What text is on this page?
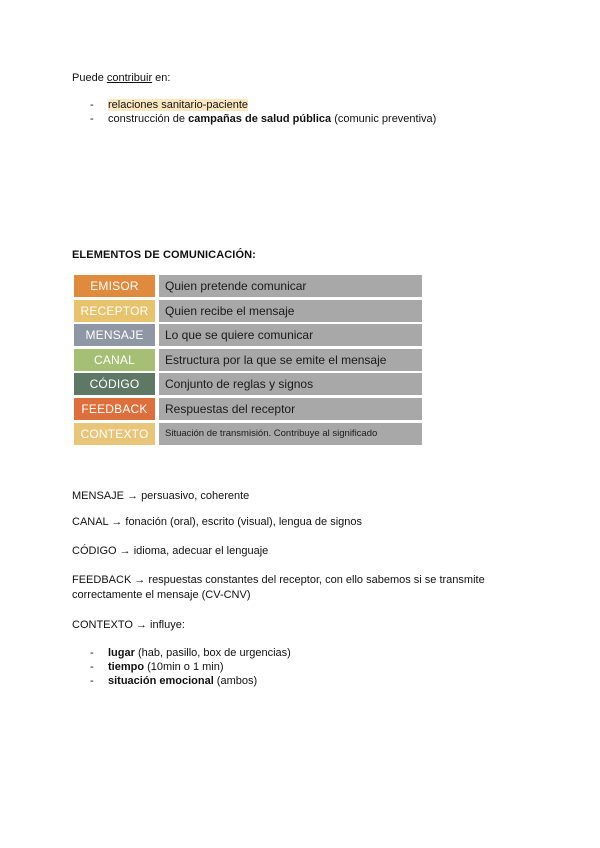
Puede contribuir en:
- relaciones sanitario-paciente
- construcción de campañas de salud pública (comunic preventiva)
ELEMENTOS DE COMUNICACIÓN:
EMISOR	Quien pretende comunicar
RECEPTOR	Quien recibe el mensaje
MENSAJE	Lo que se quiere comunicar
CANAL	Estructura por la que se emite el mensaje
CÓDIGO	Conjunto de reglas y signos
FEEDBACK	Respuestas del receptor
CONTEXTO	Situación de transmisión. Contribuye al significado
MENSAJE → persuasivo, coherente
CANAL → fonación (oral), escrito (visual), lengua de signos
CÓDIGO → idioma, adecuar el lenguaje
FEEDBACK → respuestas constantes del receptor, con ello sabemos si se transmite
correctamente el mensaje (CV-CNV)
CONTEXTO → influye:
- lugar (hab, pasillo, box de urgencias)
- tiempo (10min o 1 min)
- situación emocional (ambos)
